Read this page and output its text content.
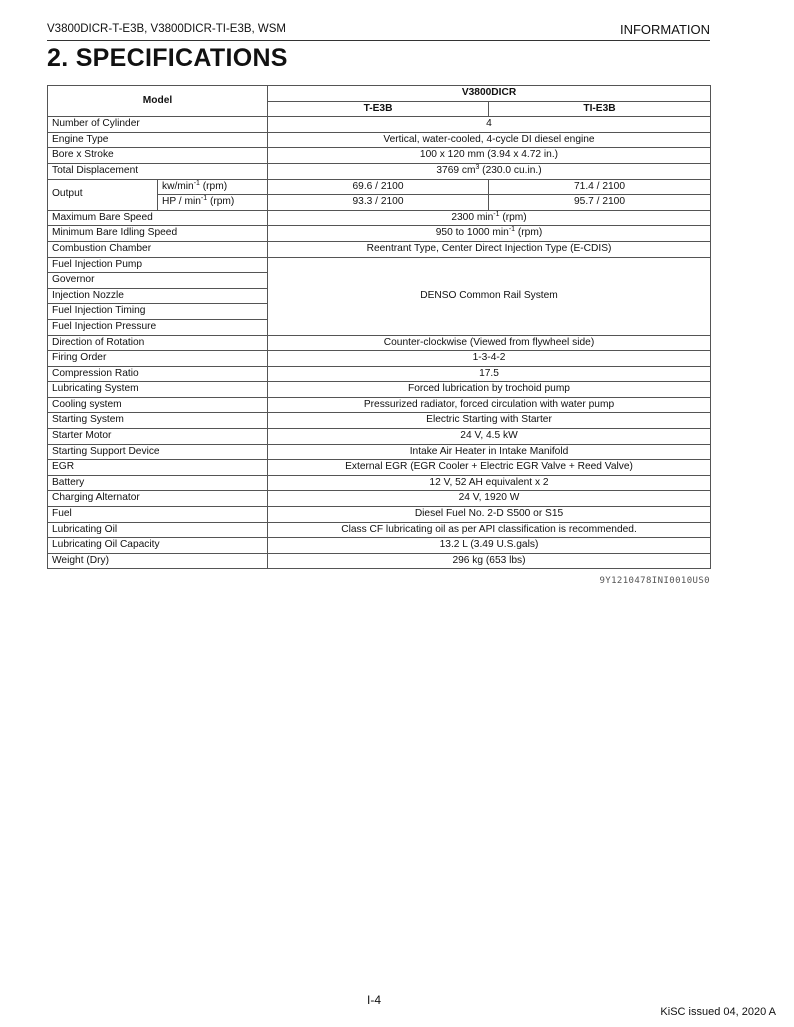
V3800DICR-T-E3B, V3800DICR-TI-E3B, WSM	INFORMATION
2. SPECIFICATIONS
Model		V3800DICR	
		T-E3B	TI-E3B
Number of Cylinder		4	
Engine Type		Vertical, water-cooled, 4-cycle DI diesel engine	
Bore x Stroke		100 x 120 mm (3.94 x 4.72 in.)	
Total Displacement		3769 $cm^3$ (230.0 cu.in.)	
Output	$kw/\min^{-1}$ (rpm)	69.6 / 2100	71.4 / 2100
	HP / $\min^{-1} (rpm)$	93.3 / 2100	95.7 / 2100
Maximum Bare Speed		2300 $\min^{-1} (rpm)$	
Minimum Bare Idling Speed		950 to 1000 $\min^{-1} (rpm)$	
Combustion Chamber		Reentrant Type, Center Direct Injection Type (E-CDIS)	
Fuel Injection Pump		DENSO Common Rail System	
Governor			
Injection Nozzle			
Fuel Injection Timing			
Fuel Injection Pressure			
Direction of Rotation		Counter-clockwise (Viewed from flywheel side)	
Firing Order		1-3-4-2	
Compression Ratio		17.5	
Lubricating System		Forced lubrication by trochoid pump	
Cooling system		Pressurized radiator, forced circulation with water pump	
Starting System		Electric Starting with Starter	
Starter Motor		24 V, 4.5 kW	
Starting Support Device		Intake Air Heater in Intake Manifold	
EGR		External EGR (EGR Cooler + Electric EGR Valve + Reed Valve)	
Battery		12 V, 52 AH equivalent x 2	
Charging Alternator		24 V, 1920 W	
Fuel		Diesel Fuel No. 2-D S500 or S15	
Lubricating Oil		Class CF lubricating oil as per API classification is recommended.	
Lubricating Oil Capacity		13.2 L (3.49 U.S.gals)	
Weight (Dry)		296 kg (653 lbs)	
9Y1210478INI0010US0
I-4
KiSC issued 04, 2020 A
